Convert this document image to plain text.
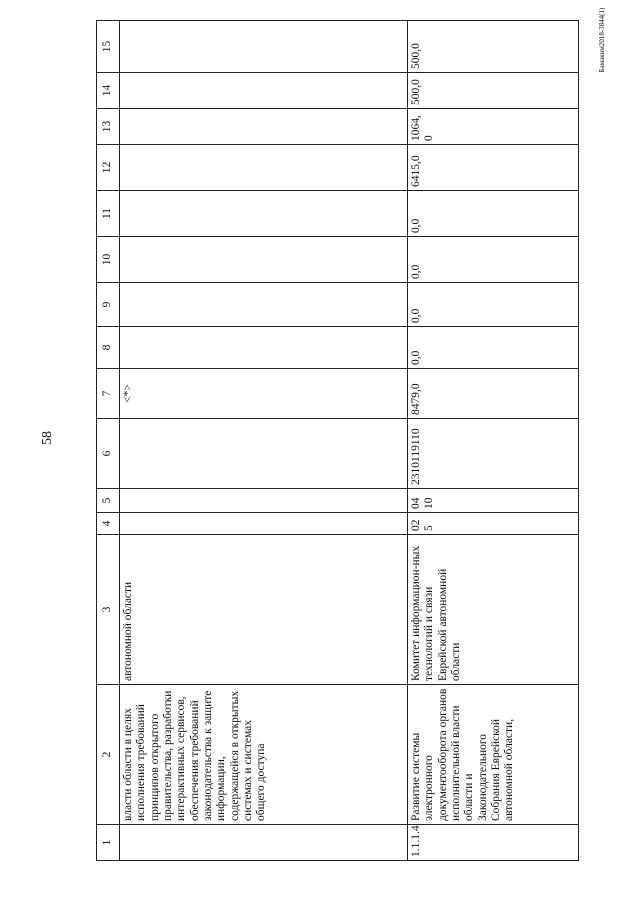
58
1	2	3	4	5	6	7	8	9	10	11	12	13	14	15
	власти области в целях исполнения требований принципов открытого правительства, разработки интерактивных сервисов, обеспечения требований законодательства к защите информации, содержащейся в открытых системах и системах общего доступа	автономной области				<*>								
1.1.1.4	Развитие системы электронного документооборота органов исполнительной власти области и Законодательного Собрания Еврейской автономной области,	Комитет информацион-ных технологий и связи Еврейской автономной области	025	0410	2310119110	8479,0	0,0	0,0	0,0	0,0	6415,0	1064,0	500,0	500,0	Бамакнм2018-3844(1)
